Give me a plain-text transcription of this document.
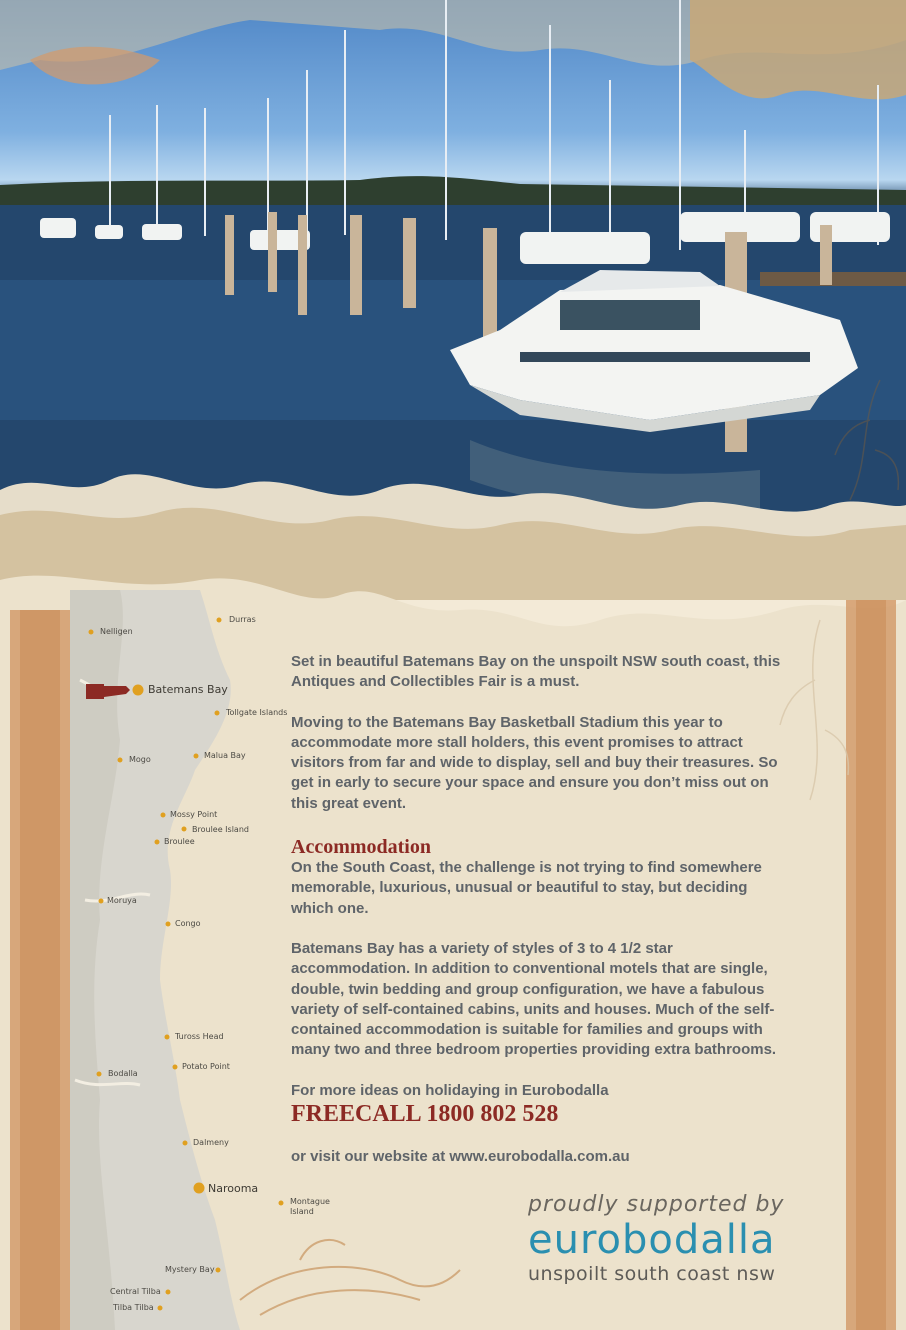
Durras
Nelligen
Batemans Bay
Tollgate Islands
Mogo	Malua Bay
Mossy Point
Broulee Island
Broulee
Moruya
Congo
Tuross Head
Potato Point
Bodalla
Dalmeny
Narooma
Montague
Island
Mystery Bay
Central Tilba
Tilba Tilba

Set in beautiful Batemans Bay on the unspoilt NSW south coast, this Antiques and Collectibles Fair is a must.

Moving to the Batemans Bay Basketball Stadium this year to accommodate more stall holders, this event promises to attract visitors from far and wide to display, sell and buy their treasures. So get in early to secure your space and ensure you don’t miss out on this great event.

Accommodation

On the South Coast, the challenge is not trying to find somewhere memorable, luxurious, unusual or beautiful to stay, but deciding which one.

Batemans Bay has a variety of styles of 3 to 4 1/2 star accommodation. In addition to conventional motels that are single, double, twin bedding and group configuration, we have a fabulous variety of self-contained cabins, units and houses. Much of the self-contained accommodation is suitable for families and groups with many two and three bedroom properties providing extra bathrooms.

For more ideas on holidaying in Eurobodalla

FREECALL 1800 802 528

or visit our website at www.eurobodalla.com.au

proudly supported by
eurobodalla
unspoilt south coast nsw
